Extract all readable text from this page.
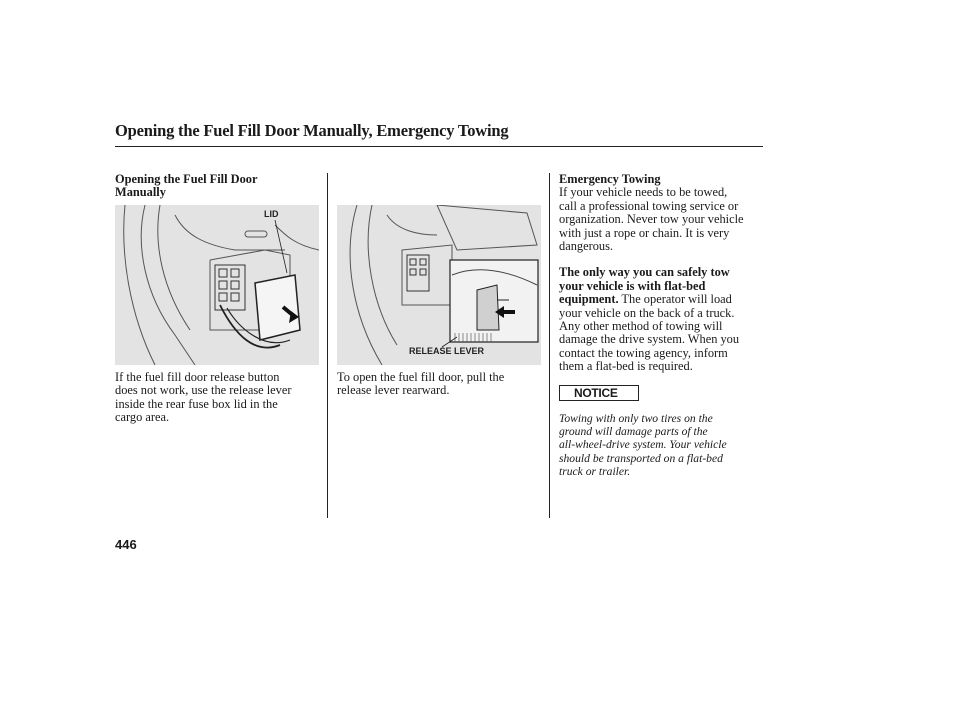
Opening the Fuel Fill Door Manually, Emergency Towing
Opening the Fuel Fill Door
Manually
LID

If the fuel fill door release button

does not work, use the release lever

inside the rear fuse box lid in the

cargo area.

RELEASE LEVER

To open the fuel fill door, pull the

release lever rearward.

Emergency Towing

If your vehicle needs to be towed,

call a professional towing service or

organization. Never tow your vehicle

with just a rope or chain. It is very

dangerous.

The only way you can safely tow

your vehicle is with flat-bed

equipment. The operator will load

your vehicle on the back of a truck.

Any other method of towing will

damage the drive system. When you

contact the towing agency, inform

them a flat-bed is required.

NOTICE

Towing with only two tires on the

ground will damage parts of the

all-wheel-drive system. Your vehicle

should be transported on a flat-bed

truck or trailer.

446
